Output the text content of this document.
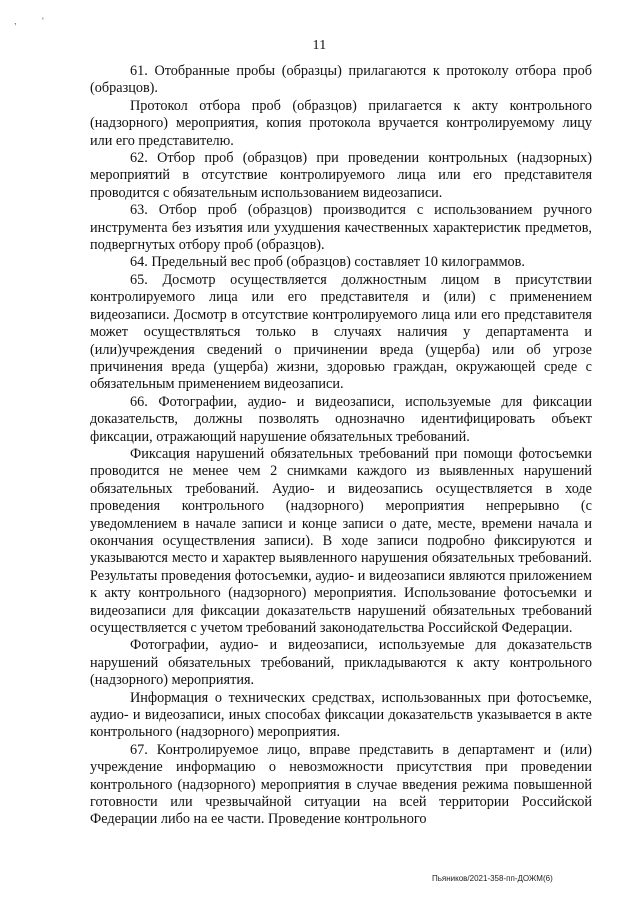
,	'
11

61. Отобранные пробы (образцы) прилагаются к протоколу отбора проб (образцов).

Протокол отбора проб (образцов) прилагается к акту контрольного (надзорного) мероприятия, копия протокола вручается контролируемому лицу или его представителю.

62. Отбор проб (образцов) при проведении контрольных (надзорных) мероприятий в отсутствие контролируемого лица или его представителя проводится с обязательным использованием видеозаписи.

63. Отбор проб (образцов) производится с использованием ручного инструмента без изъятия или ухудшения качественных характеристик предметов, подвергнутых отбору проб (образцов).

64. Предельный вес проб (образцов) составляет 10 килограммов.

65. Досмотр осуществляется должностным лицом в присутствии контролируемого лица или его представителя и (или) с применением видеозаписи. Досмотр в отсутствие контролируемого лица или его представителя может осуществляться только в случаях наличия у департамента и (или)учреждения сведений о причинении вреда (ущерба) или об угрозе причинения вреда (ущерба) жизни, здоровью граждан, окружающей среде с обязательным применением видеозаписи.

66. Фотографии, аудио- и видеозаписи, используемые для фиксации доказательств, должны позволять однозначно идентифицировать объект фиксации, отражающий нарушение обязательных требований.

Фиксация нарушений обязательных требований при помощи фотосъемки проводится не менее чем 2 снимками каждого из выявленных нарушений обязательных требований. Аудио- и видеозапись осуществляется в ходе проведения контрольного (надзорного) мероприятия непрерывно (с уведомлением в начале записи и конце записи о дате, месте, времени начала и окончания осуществления записи). В ходе записи подробно фиксируются и указываются место и характер выявленного нарушения обязательных требований. Результаты проведения фотосъемки, аудио- и видеозаписи являются приложением к акту контрольного (надзорного) мероприятия. Использование фотосъемки и видеозаписи для фиксации доказательств нарушений обязательных требований осуществляется с учетом требований законодательства Российской Федерации.

Фотографии, аудио- и видеозаписи, используемые для доказательств нарушений обязательных требований, прикладываются к акту контрольного (надзорного) мероприятия.

Информация о технических средствах, использованных при фотосъемке, аудио- и видеозаписи, иных способах фиксации доказательств указывается в акте контрольного (надзорного) мероприятия.

67. Контролируемое лицо, вправе представить в департамент и (или) учреждение информацию о невозможности присутствия при проведении контрольного (надзорного) мероприятия в случае введения режима повышенной готовности или чрезвычайной ситуации на всей территории Российской Федерации либо на ее части. Проведение контрольного

Пьяников/2021-358-пп-ДОЖМ(6)
